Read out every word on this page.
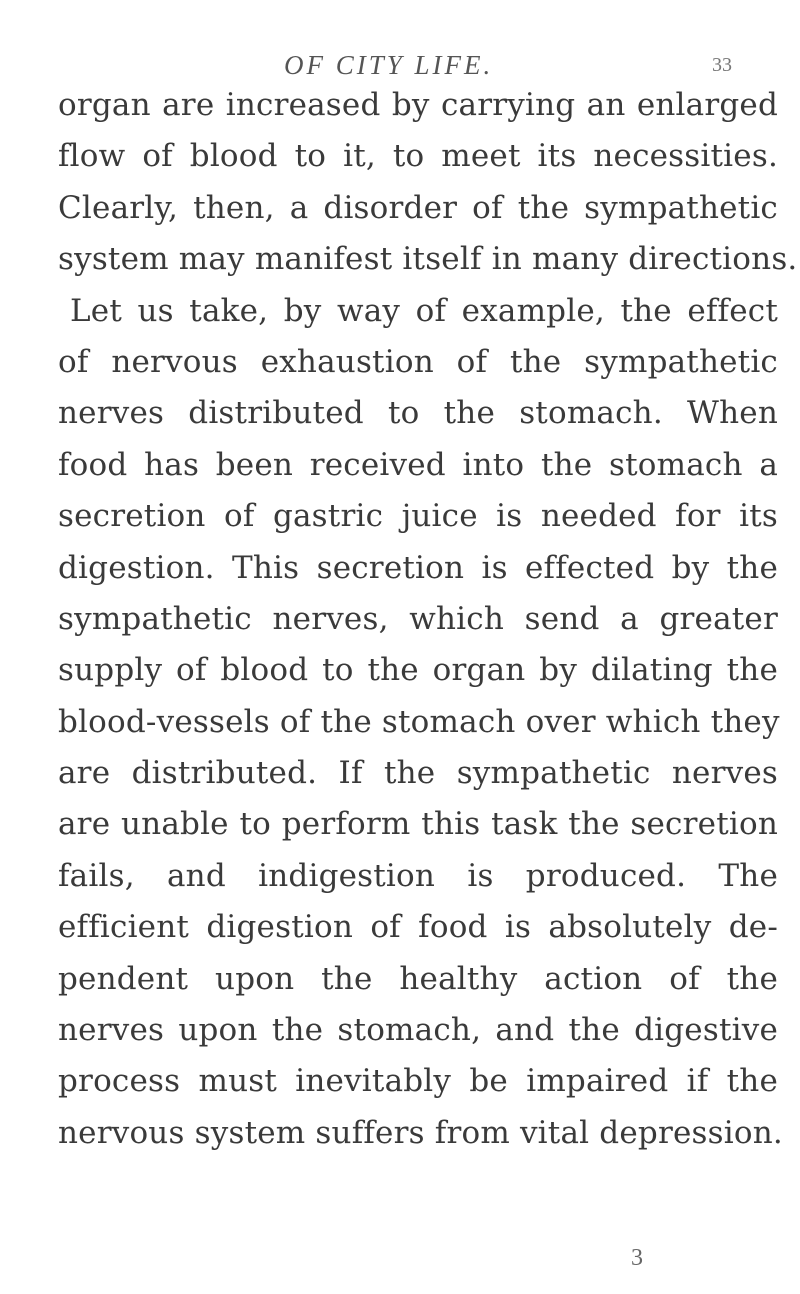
OF CITY LIFE.	33
organ are increased by carrying an enlarged
flow of blood to it, to meet its necessities.
Clearly, then, a disorder of the sympathetic
system may manifest itself in many directions.
Let us take, by way of example, the effect
of nervous exhaustion of the sympathetic
nerves distributed to the stomach. When
food has been received into the stomach a
secretion of gastric juice is needed for its
digestion. This secretion is effected by the
sympathetic nerves, which send a greater
supply of blood to the organ by dilating the
blood-vessels of the stomach over which they
are distributed. If the sympathetic nerves
are unable to perform this task the secretion
fails, and indigestion is produced. The
efficient digestion of food is absolutely de-
pendent upon the healthy action of the
nerves upon the stomach, and the digestive
process must inevitably be impaired if the
nervous system suffers from vital depression.
3
